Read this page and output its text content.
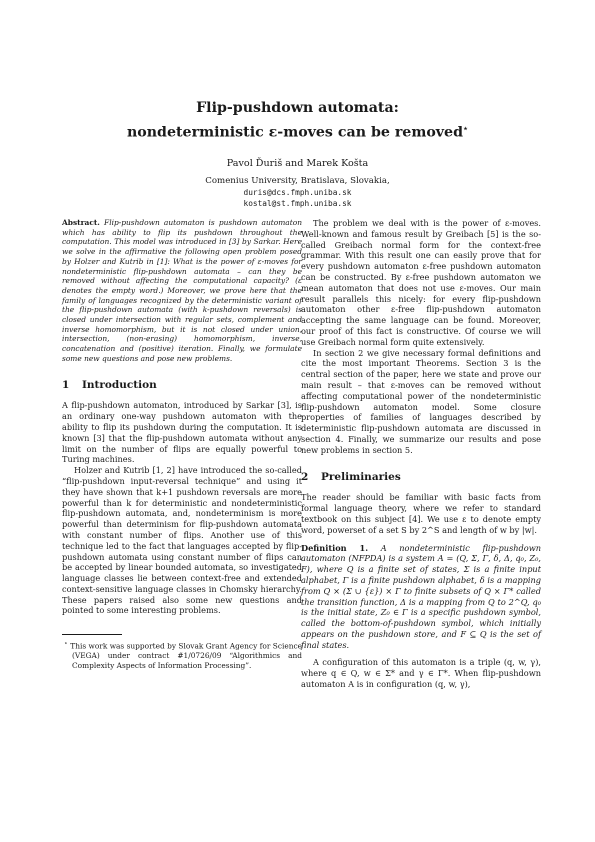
Flip-pushdown automata:
nondeterministic ε-moves can be removed⋆
Pavol Ďuriš and Marek Košta
Comenius University, Bratislava, Slovakia,
duris@dcs.fmph.uniba.sk
kostal@st.fmph.uniba.sk

Abstract. Flip-pushdown automaton is pushdown automaton which has ability to flip its pushdown throughout the computation. This model was introduced in [3] by Sarkar. Here we solve in the affirmative the following open problem posed by Holzer and Kutrib in [1]: What is the power of ε-moves for nondeterministic flip-pushdown automata – can they be removed without affecting the computational capacity? (ε denotes the empty word.) Moreover, we prove here that the family of languages recognized by the deterministic variant of the flip-pushdown automata (with k-pushdown reversals) is closed under intersection with regular sets, complement and inverse homomorphism, but it is not closed under union, intersection, (non-erasing) homomorphism, inverse, concatenation and (positive) iteration. Finally, we formulate some new questions and pose new problems.

1 Introduction

A flip-pushdown automaton, introduced by Sarkar [3], is an ordinary one-way pushdown automaton with the ability to flip its pushdown during the computation. It is known [3] that the flip-pushdown automata without any limit on the number of flips are equally powerful to Turing machines.

Holzer and Kutrib [1, 2] have introduced the so-called “flip-pushdown input-reversal technique” and using it they have shown that k+1 pushdown reversals are more powerful than k for deterministic and nondeterministic flip-pushdown automata, and, nondeterminism is more powerful than determinism for flip-pushdown automata with constant number of flips. Another use of this technique led to the fact that languages accepted by flip-pushdown automata using constant number of flips can be accepted by linear bounded automata, so investigated language classes lie between context-free and extended context-sensitive language classes in Chomsky hierarchy. These papers raised also some new questions and pointed to some interesting problems.

⋆ This work was supported by Slovak Grant Agency for Science (VEGA) under contract #1/0726/09 “Algorithmics and Complexity Aspects of Information Processing”.

The problem we deal with is the power of ε-moves. Well-known and famous result by Greibach [5] is the so-called Greibach normal form for the context-free grammar. With this result one can easily prove that for every pushdown automaton ε-free pushdown automaton can be constructed. By ε-free pushdown automaton we mean automaton that does not use ε-moves. Our main result parallels this nicely: for every flip-pushdown automaton other ε-free flip-pushdown automaton accepting the same language can be found. Moreover, our proof of this fact is constructive. Of course we will use Greibach normal form quite extensively.

In section 2 we give necessary formal definitions and cite the most important Theorems. Section 3 is the central section of the paper, here we state and prove our main result – that ε-moves can be removed without affecting computational power of the nondeterministic flip-pushdown automaton model. Some closure properties of families of languages described by deterministic flip-pushdown automata are discussed in section 4. Finally, we summarize our results and pose new problems in section 5.

2 Preliminaries

The reader should be familiar with basic facts from formal language theory, where we refer to standard textbook on this subject [4]. We use ε to denote empty word, powerset of a set S by 2^S and length of w by |w|.

Definition 1. A nondeterministic flip-pushdown automaton (NFPDA) is a system A = (Q, Σ, Γ, δ, Δ, q₀, Z₀, F), where Q is a finite set of states, Σ is a finite input alphabet, Γ is a finite pushdown alphabet, δ is a mapping from Q × (Σ ∪ {ε}) × Γ to finite subsets of Q × Γ* called the transition function, Δ is a mapping from Q to 2^Q, q₀ is the initial state, Z₀ ∈ Γ is a specific pushdown symbol, called the bottom-of-pushdown symbol, which initially appears on the pushdown store, and F ⊆ Q is the set of final states.

A configuration of this automaton is a triple (q, w, γ), where q ∈ Q, w ∈ Σ* and γ ∈ Γ*. When flip-pushdown automaton A is in configuration (q, w, γ),
